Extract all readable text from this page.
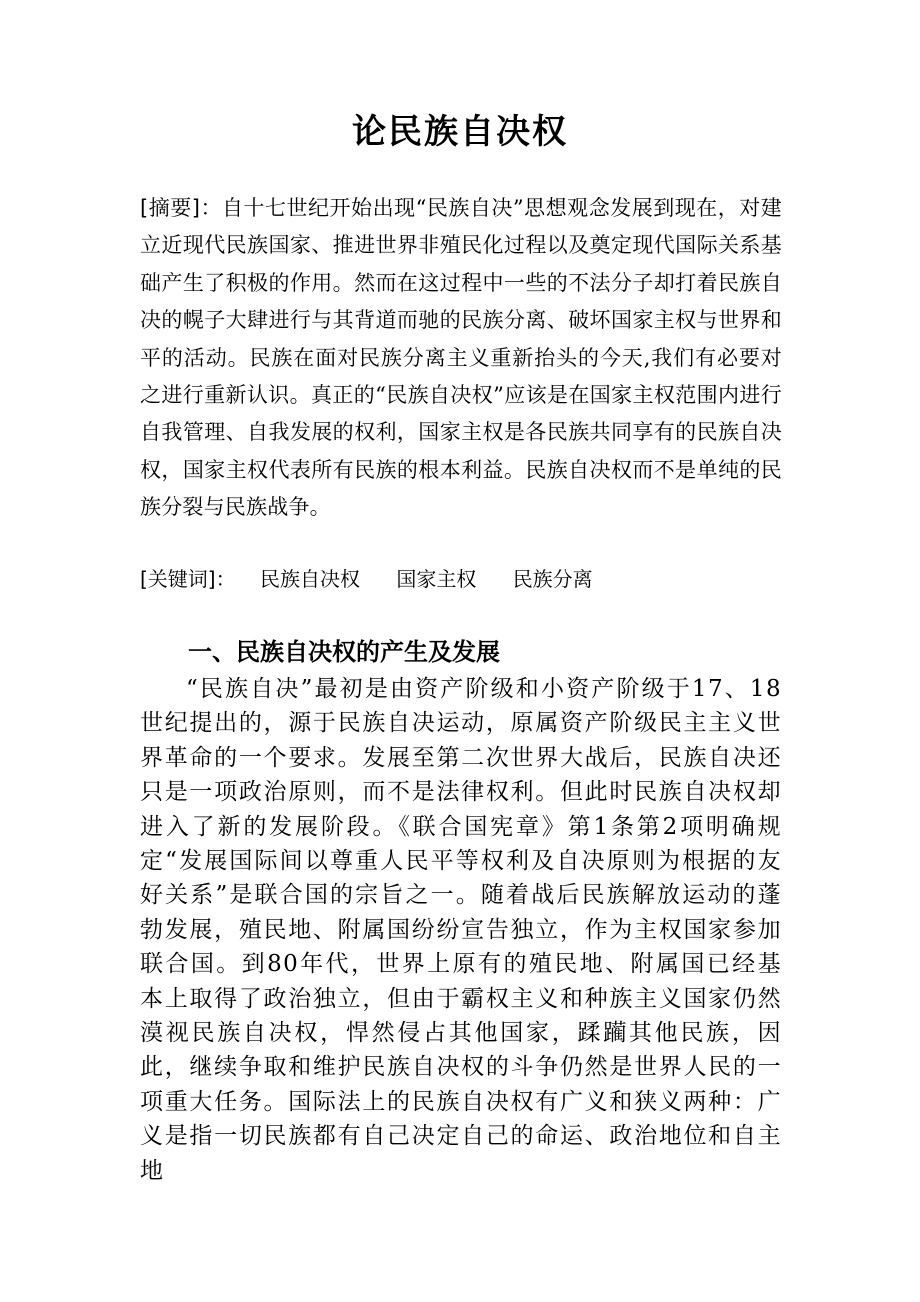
论民族自决权
[摘要]：自十七世纪开始出现“民族自决”思想观念发展到现在，对建立近现代民族国家、推进世界非殖民化过程以及奠定现代国际关系基础产生了积极的作用。然而在这过程中一些的不法分子却打着民族自决的幌子大肆进行与其背道而驰的民族分离、破坏国家主权与世界和平的活动。民族在面对民族分离主义重新抬头的今天,我们有必要对之进行重新认识。真正的“民族自决权”应该是在国家主权范围内进行自我管理、自我发展的权利，国家主权是各民族共同享有的民族自决权，国家主权代表所有民族的根本利益。民族自决权而不是单纯的民族分裂与民族战争。
[关键词]： 民族自决权 国家主权 民族分离
一、民族自决权的产生及发展
“民族自决”最初是由资产阶级和小资产阶级于17、18世纪提出的，源于民族自决运动，原属资产阶级民主主义世界革命的一个要求。发展至第二次世界大战后，民族自决还只是一项政治原则，而不是法律权利。但此时民族自决权却进入了新的发展阶段。《联合国宪章》第1条第2项明确规定“发展国际间以尊重人民平等权利及自决原则为根据的友好关系”是联合国的宗旨之一。随着战后民族解放运动的蓬勃发展，殖民地、附属国纷纷宣告独立，作为主权国家参加联合国。到80年代，世界上原有的殖民地、附属国已经基本上取得了政治独立，但由于霸权主义和种族主义国家仍然漠视民族自决权，悍然侵占其他国家，蹂躏其他民族，因此，继续争取和维护民族自决权的斗争仍然是世界人民的一项重大任务。国际法上的民族自决权有广义和狭义两种：广义是指一切民族都有自己决定自己的命运、政治地位和自主地
